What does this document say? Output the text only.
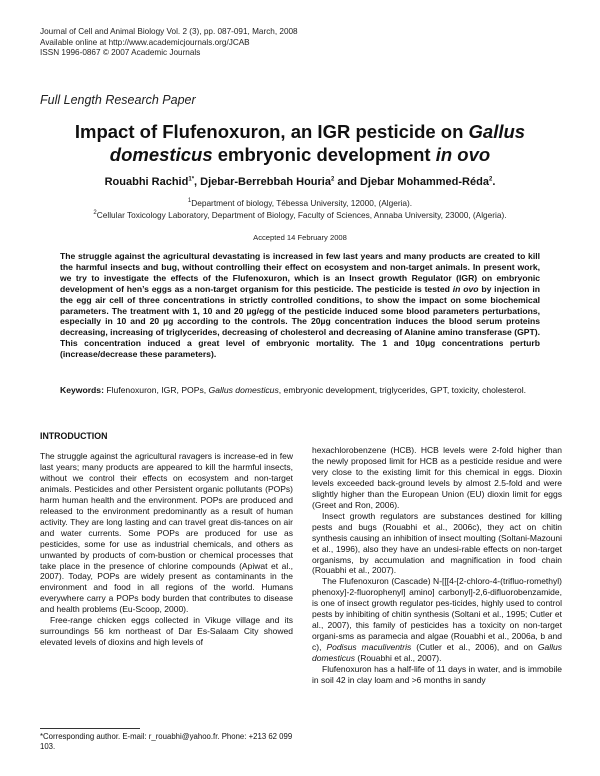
Journal of Cell and Animal Biology Vol. 2 (3), pp. 087-091, March, 2008
Available online at http://www.academicjournals.org/JCAB
ISSN 1996-0867 © 2007 Academic Journals
Full Length Research Paper
Impact of Flufenoxuron, an IGR pesticide on Gallus
domesticus embryonic development in ovo
Rouabhi Rachid$^{1*}$, Djebar-Berrebbah Houria$^2$ and Djebar Mohammed-Réda$^2$.
$^1$Department of biology, Tébessa University, 12000, (Algeria).
$^2$Cellular Toxicology Laboratory, Department of Biology, Faculty of Sciences, Annaba University, 23000, (Algeria).
Accepted 14 February 2008
The struggle against the agricultural devastating is increased in few last years and many products are created to kill the harmful insects and bug, without controlling their effect on ecosystem and non-target animals. In present work, we try to investigate the effects of the Flufenoxuron, which is an Insect growth Regulator (IGR) on embryonic development of hen’s eggs as a non-target organism for this pesticide. The pesticide is tested in ovo by injection in the egg air cell of three concentrations in strictly controlled conditions, to show the impact on some biochemical parameters. The treatment with 1, 10 and 20 µg/egg of the pesticide induced some blood parameters perturbations, especially in 10 and 20 µg according to the controls. The 20µg concentration induces the blood serum proteins decreasing, increasing of triglycerides, decreasing of cholesterol and decreasing of Alanine amino transferase (GPT). This concentration induced a great level of embryonic mortality. The 1 and 10µg concentrations perturb (increase/decrease these parameters).
Keywords: Flufenoxuron, IGR, POPs, Gallus domesticus, embryonic development, triglycerides, GPT, toxicity, cholesterol.
INTRODUCTION

The struggle against the agricultural ravagers is increase-ed in few last years; many products are appeared to kill the harmful insects, without we control their effects on ecosystem and non-target animals. Pesticides and other Persistent organic pollutants (POPs) harm human health and the environment. POPs are produced and released to the environment predominantly as a result of human activity. They are long lasting and can travel great dis-tances on air and water currents. Some POPs are produced for use as pesticides, some for use as industrial chemicals, and others as unwanted by products of com-bustion or chemical processes that take place in the presence of chlorine compounds (Apiwat et al., 2007). Today, POPs are widely present as contaminants in the environment and food in all regions of the world. Humans everywhere carry a POPs body burden that contributes to disease and health problems (Eu-Scoop, 2000).

Free-range chicken eggs collected in Vikuge village and its surroundings 56 km northeast of Dar Es-Salaam City showed elevated levels of dioxins and high levels of

hexachlorobenzene (HCB). HCB levels were 2-fold higher than the newly proposed limit for HCB as a pesticide residue and were very close to the existing limit for this chemical in eggs. Dioxin levels exceeded back-ground levels by almost 2.5-fold and were slightly higher than the European Union (EU) dioxin limit for eggs (Greet and Ron, 2006).

Insect growth regulators are substances destined for killing pests and bugs (Rouabhi et al., 2006c), they act on chitin synthesis causing an inhibition of insect moulting (Soltani-Mazouni et al., 1996), also they have an undesi-rable effects on non-target organisms, by accumulation and magnification in food chain (Rouabhi et al., 2007).

The Flufenoxuron (Cascade) N-[[[4-[2-chloro-4-(trifluo-romethyl) phenoxy]-2-fluorophenyl] amino] carbonyl]-2,6-difluorobenzamide, is one of insect growth regulator pes-ticides, highly used to control pests by inhibiting of chitin synthesis (Soltani et al., 1995; Cutler et al., 2007), this family of pesticides has a toxicity on non-target organi-sms as paramecia and algae (Rouabhi et al., 2006a, b and c), Podisus maculiventris (Cutler et al., 2006), and on Gallus domesticus (Rouabhi et al., 2007).

Flufenoxuron has a half-life of 11 days in water, and is immobile in soil 42 in clay loam and >6 months in sandy

*Corresponding author. E-mail: r_rouabhi@yahoo.fr. Phone: +213 62 099 103.
